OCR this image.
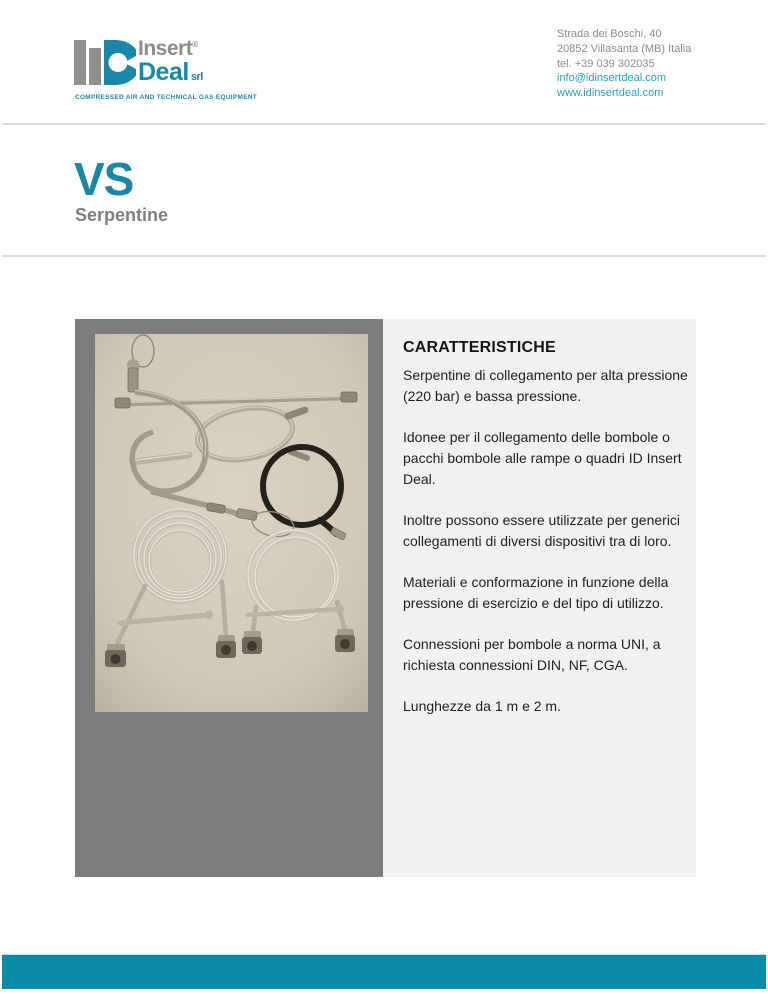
Insert®
Deal srl
COMPRESSED AIR AND TECHNICAL GAS EQUIPMENT
Strada dei Boschi, 40
20852 Villasanta (MB) Italia
tel. +39 039 302035
info@idinsertdeal.com
www.idinsertdeal.com
VS
Serpentine
CARATTERISTICHE

Serpentine di collegamento per alta pressione (220 bar) e bassa pressione.

Idonee per il collegamento delle bombole o pacchi bombole alle rampe o quadri ID Insert Deal.

Inoltre possono essere utilizzate per generici collegamenti di diversi dispositivi tra di loro.

Materiali e conformazione in funzione della pressione di esercizio e del tipo di utilizzo.

Connessioni per bombole a norma UNI, a richiesta connessioni DIN, NF, CGA.

Lunghezze da 1 m e 2 m.
